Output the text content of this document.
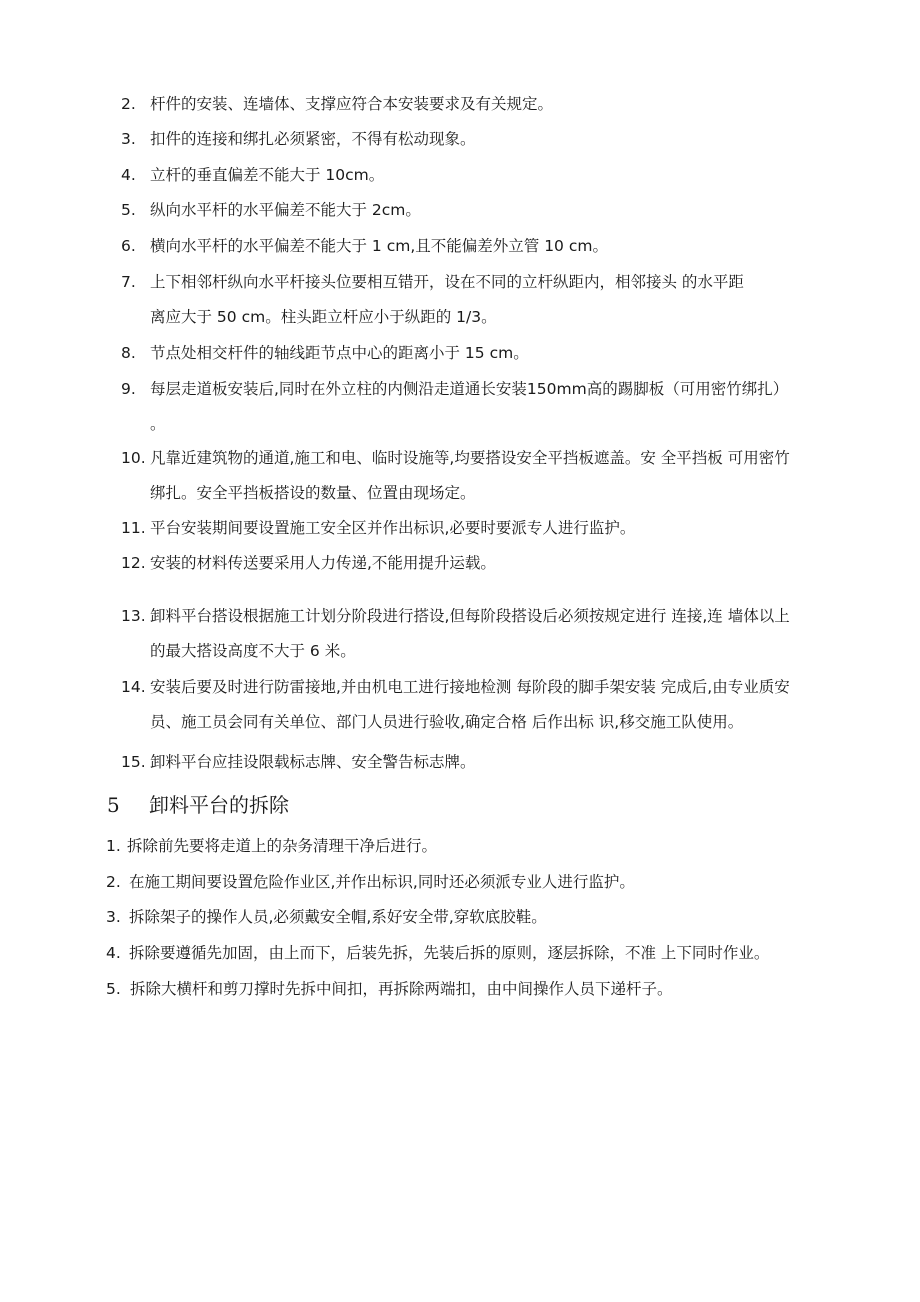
2. 杆件的安装、连墙体、支撑应符合本安装要求及有关规定。
3. 扣件的连接和绑扎必须紧密，不得有松动现象。
4. 立杆的垂直偏差不能大于 10cm。
5. 纵向水平杆的水平偏差不能大于 2cm。
6. 横向水平杆的水平偏差不能大于 1 cm,且不能偏差外立管 10 cm。
7. 上下相邻杆纵向水平杆接头位要相互错开，设在不同的立杆纵距内，相邻接头 的水平距
离应大于 50 cm。柱头距立杆应小于纵距的 1/3。
8. 节点处相交杆件的轴线距节点中心的距离小于 15 cm。
9. 每层走道板安装后,同时在外立柱的内侧沿走道通长安装150mm高的踢脚板（可用密竹绑扎）
。
10. 凡靠近建筑物的通道,施工和电、临时设施等,均要搭设安全平挡板遮盖。安 全平挡板 可用密竹
绑扎。安全平挡板搭设的数量、位置由现场定。
11. 平台安装期间要设置施工安全区并作出标识,必要时要派专人进行监护。
12. 安装的材料传送要采用人力传递,不能用提升运载。
13. 卸料平台搭设根据施工计划分阶段进行搭设,但每阶段搭设后必须按规定进行 连接,连 墙体以上
的最大搭设高度不大于 6 米。
14. 安装后要及时进行防雷接地,并由机电工进行接地检测 每阶段的脚手架安装 完成后,由专业质安
员、施工员会同有关单位、部门人员进行验收,确定合格 后作出标 识,移交施工队使用。
15. 卸料平台应挂设限载标志牌、安全警告标志牌。
5 卸料平台的拆除
1. 拆除前先要将走道上的杂务清理干净后进行。
2. 在施工期间要设置危险作业区,并作出标识,同时还必须派专业人进行监护。
3. 拆除架子的操作人员,必须戴安全帽,系好安全带,穿软底胶鞋。
4. 拆除要遵循先加固，由上而下，后装先拆，先装后拆的原则，逐层拆除，不准 上下同时作业。
5. 拆除大横杆和剪刀撑时先拆中间扣，再拆除两端扣，由中间操作人员下递杆子。
